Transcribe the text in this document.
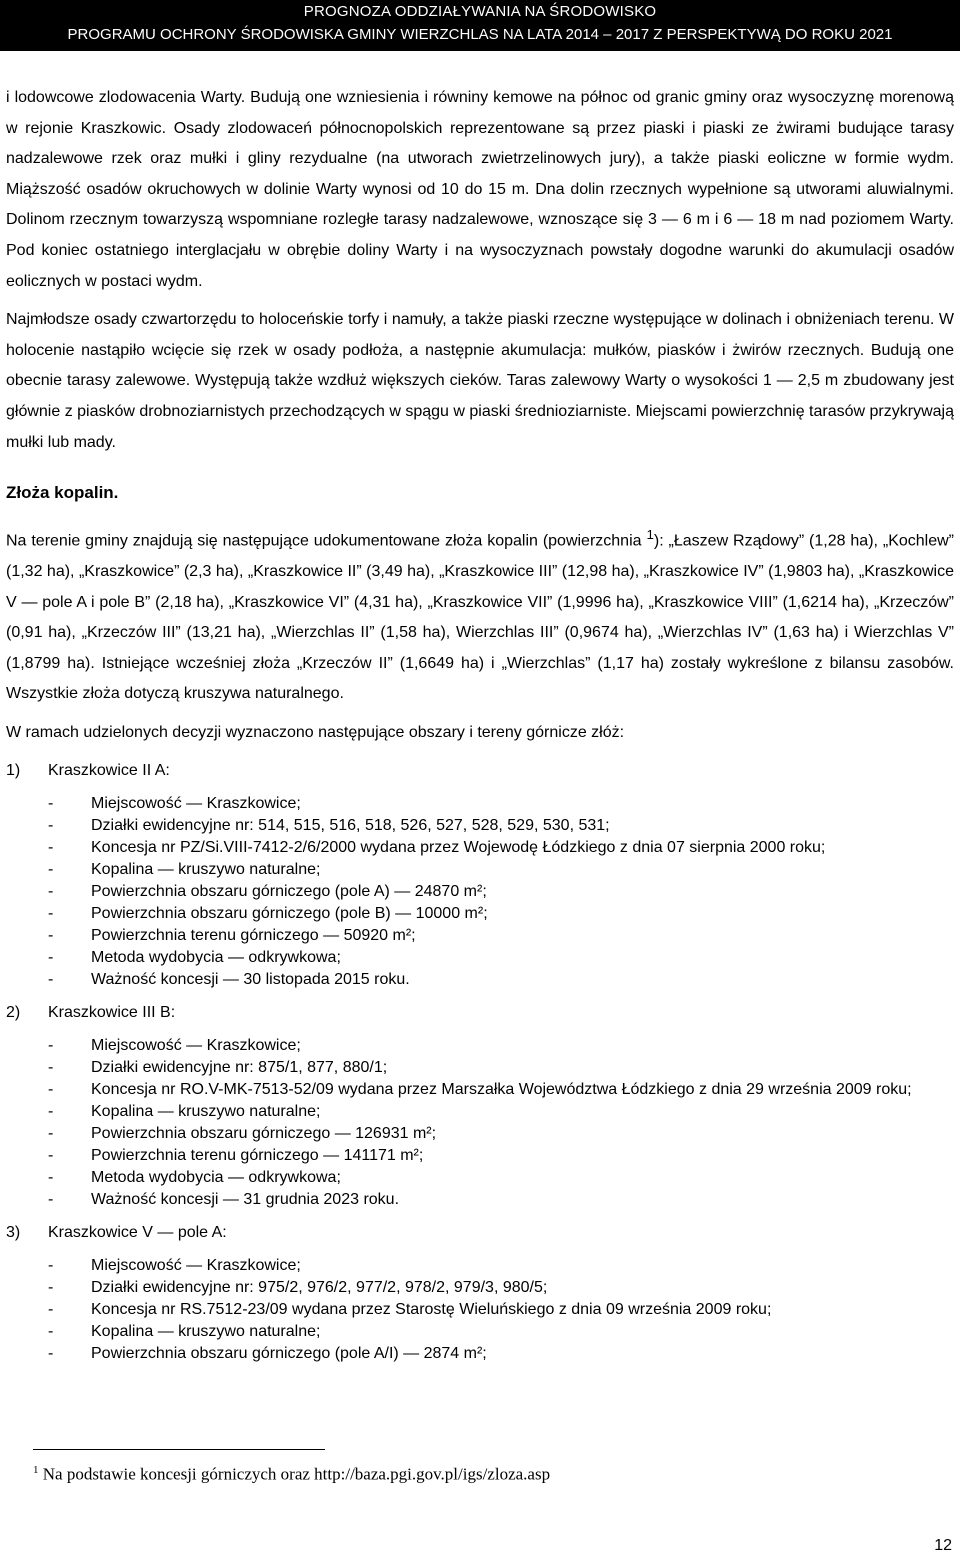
PROGNOZA ODDZIAŁYWANIA NA ŚRODOWISKO
PROGRAMU OCHRONY ŚRODOWISKA GMINY WIERZCHLAS NA LATA 2014 – 2017 Z PERSPEKTYWĄ DO ROKU 2021

i lodowcowe zlodowacenia Warty. Budują one wzniesienia i równiny kemowe na północ od granic gminy oraz wysoczyznę morenową w rejonie Kraszkowic. Osady zlodowaceń północnopolskich reprezentowane są przez piaski i piaski ze żwirami budujące tarasy nadzalewowe rzek oraz mułki i gliny rezydualne (na utworach zwietrzelinowych jury), a także piaski eoliczne w formie wydm. Miąższość osadów okruchowych w dolinie Warty wynosi od 10 do 15 m. Dna dolin rzecznych wypełnione są utworami aluwialnymi. Dolinom rzecznym towarzyszą wspomniane rozległe tarasy nadzalewowe, wznoszące się 3 — 6 m i 6 — 18 m nad poziomem Warty. Pod koniec ostatniego interglacjału w obrębie doliny Warty i na wysoczyznach powstały dogodne warunki do akumulacji osadów eolicznych w postaci wydm.

Najmłodsze osady czwartorzędu to holoceńskie torfy i namuły, a także piaski rzeczne występujące w dolinach i obniżeniach terenu. W holocenie nastąpiło wcięcie się rzek w osady podłoża, a następnie akumulacja: mułków, piasków i żwirów rzecznych. Budują one obecnie tarasy zalewowe. Występują także wzdłuż większych cieków. Taras zalewowy Warty o wysokości 1 — 2,5 m zbudowany jest głównie z piasków drobnoziarnistych przechodzących w spągu w piaski średnioziarniste. Miejscami powierzchnię tarasów przykrywają mułki lub mady.

Złoża kopalin.

Na terenie gminy znajdują się następujące udokumentowane złoża kopalin (powierzchnia $^1$): „Łaszew Rządowy” (1,28 ha), „Kochlew” (1,32 ha), „Kraszkowice” (2,3 ha), „Kraszkowice II” (3,49 ha), „Kraszkowice III” (12,98 ha), „Kraszkowice IV” (1,9803 ha), „Kraszkowice V — pole A i pole B” (2,18 ha), „Kraszkowice VI” (4,31 ha), „Kraszkowice VII” (1,9996 ha), „Kraszkowice VIII” (1,6214 ha), „Krzeczów” (0,91 ha), „Krzeczów III” (13,21 ha), „Wierzchlas II” (1,58 ha), Wierzchlas III” (0,9674 ha), „Wierzchlas IV” (1,63 ha) i Wierzchlas V” (1,8799 ha). Istniejące wcześniej złoża „Krzeczów II” (1,6649 ha) i „Wierzchlas” (1,17 ha) zostały wykreślone z bilansu zasobów. Wszystkie złoża dotyczą kruszywa naturalnego.

W ramach udzielonych decyzji wyznaczono następujące obszary i tereny górnicze złóż:

1) Kraszkowice II A:
- Miejscowość — Kraszkowice;
- Działki ewidencyjne nr: 514, 515, 516, 518, 526, 527, 528, 529, 530, 531;
- Koncesja nr PZ/Si.VIII-7412-2/6/2000 wydana przez Wojewodę Łódzkiego z dnia 07 sierpnia 2000 roku;
- Kopalina — kruszywo naturalne;
- Powierzchnia obszaru górniczego (pole A) — 24870 m²;
- Powierzchnia obszaru górniczego (pole B) — 10000 m²;
- Powierzchnia terenu górniczego — 50920 m²;
- Metoda wydobycia — odkrywkowa;
- Ważność koncesji — 30 listopada 2015 roku.
2) Kraszkowice III B:
- Miejscowość — Kraszkowice;
- Działki ewidencyjne nr: 875/1, 877, 880/1;
- Koncesja nr RO.V-MK-7513-52/09 wydana przez Marszałka Województwa Łódzkiego z dnia 29 września 2009 roku;
- Kopalina — kruszywo naturalne;
- Powierzchnia obszaru górniczego — 126931 m²;
- Powierzchnia terenu górniczego — 141171 m²;
- Metoda wydobycia — odkrywkowa;
- Ważność koncesji — 31 grudnia 2023 roku.
3) Kraszkowice V — pole A:
- Miejscowość — Kraszkowice;
- Działki ewidencyjne nr: 975/2, 976/2, 977/2, 978/2, 979/3, 980/5;
- Koncesja nr RS.7512-23/09 wydana przez Starostę Wieluńskiego z dnia 09 września 2009 roku;
- Kopalina — kruszywo naturalne;
- Powierzchnia obszaru górniczego (pole A/I) — 2874 m²;
$^1$ Na podstawie koncesji górniczych oraz http://baza.pgi.gov.pl/igs/zloza.asp
12
